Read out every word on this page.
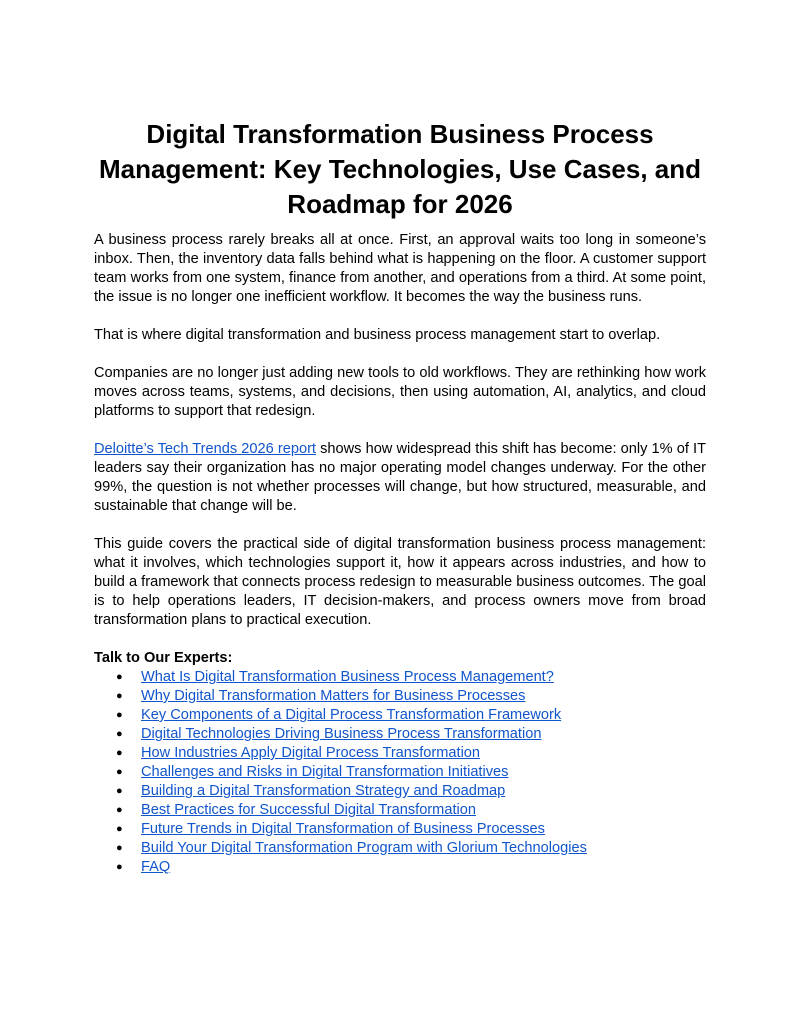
Digital Transformation Business Process Management: Key Technologies, Use Cases, and Roadmap for 2026

A business process rarely breaks all at once. First, an approval waits too long in someone’s inbox. Then, the inventory data falls behind what is happening on the floor. A customer support team works from one system, finance from another, and operations from a third. At some point, the issue is no longer one inefficient workflow. It becomes the way the business runs.

That is where digital transformation and business process management start to overlap.

Companies are no longer just adding new tools to old workflows. They are rethinking how work moves across teams, systems, and decisions, then using automation, AI, analytics, and cloud platforms to support that redesign.

Deloitte’s Tech Trends 2026 report shows how widespread this shift has become: only 1% of IT leaders say their organization has no major operating model changes underway. For the other 99%, the question is not whether processes will change, but how structured, measurable, and sustainable that change will be.

This guide covers the practical side of digital transformation business process management: what it involves, which technologies support it, how it appears across industries, and how to build a framework that connects process redesign to measurable business outcomes. The goal is to help operations leaders, IT decision-makers, and process owners move from broad transformation plans to practical execution.

Talk to Our Experts:

● What Is Digital Transformation Business Process Management?
● Why Digital Transformation Matters for Business Processes
● Key Components of a Digital Process Transformation Framework
● Digital Technologies Driving Business Process Transformation
● How Industries Apply Digital Process Transformation
● Challenges and Risks in Digital Transformation Initiatives
● Building a Digital Transformation Strategy and Roadmap
● Best Practices for Successful Digital Transformation
● Future Trends in Digital Transformation of Business Processes
● Build Your Digital Transformation Program with Glorium Technologies
● FAQ
